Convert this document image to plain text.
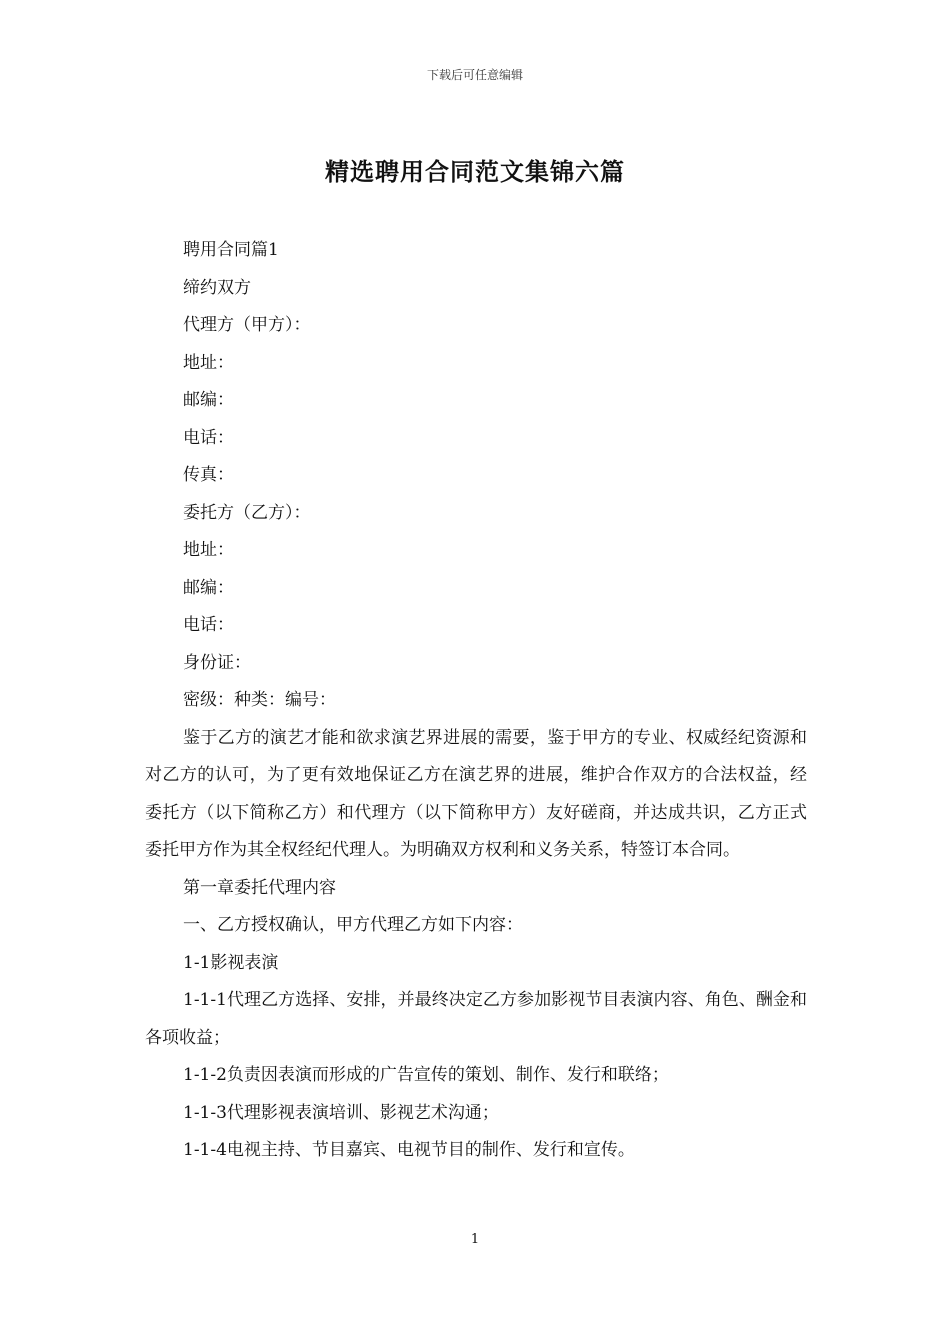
下载后可任意编辑
精选聘用合同范文集锦六篇

聘用合同篇1

缔约双方

代理方（甲方）：

地址：

邮编：

电话：

传真：

委托方（乙方）：

地址：

邮编：

电话：

身份证：

密级：种类：编号：

鉴于乙方的演艺才能和欲求演艺界进展的需要，鉴于甲方的专业、权威经纪资源和对乙方的认可，为了更有效地保证乙方在演艺界的进展，维护合作双方的合法权益，经委托方（以下简称乙方）和代理方（以下简称甲方）友好磋商，并达成共识，乙方正式委托甲方作为其全权经纪代理人。为明确双方权利和义务关系，特签订本合同。

第一章委托代理内容

一、乙方授权确认，甲方代理乙方如下内容：

1-1影视表演

1-1-1代理乙方选择、安排，并最终决定乙方参加影视节目表演内容、角色、酬金和各项收益；

1-1-2负责因表演而形成的广告宣传的策划、制作、发行和联络；

1-1-3代理影视表演培训、影视艺术沟通；

1-1-4电视主持、节目嘉宾、电视节目的制作、发行和宣传。

1
